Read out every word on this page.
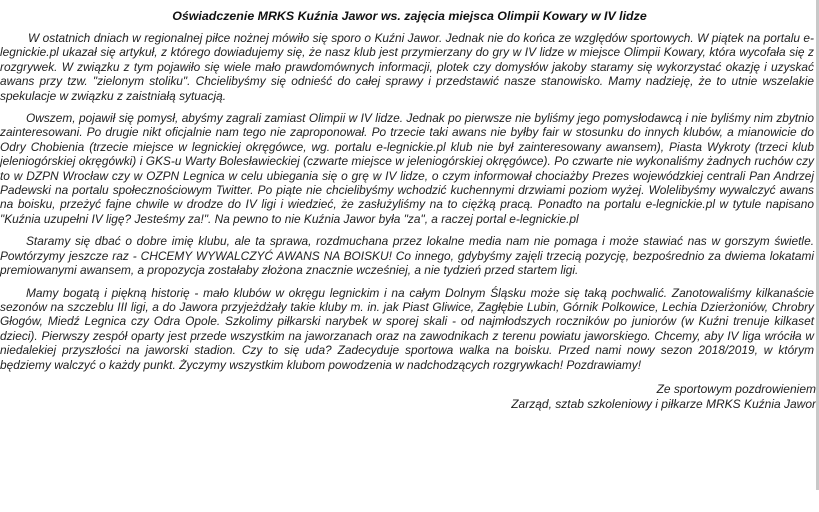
Oświadczenie MRKS Kuźnia Jawor ws. zajęcia miejsca Olimpii Kowary w IV lidze

W ostatnich dniach w regionalnej piłce nożnej mówiło się sporo o Kuźni Jawor. Jednak nie do końca ze względów sportowych. W piątek na portalu e-legnickie.pl ukazał się artykuł, z którego dowiadujemy się, że nasz klub jest przymierzany do gry w IV lidze w miejsce Olimpii Kowary, która wycofała się z rozgrywek. W związku z tym pojawiło się wiele mało prawdomównych informacji, plotek czy domysłów jakoby staramy się wykorzystać okazję i uzyskać awans przy tzw. "zielonym stoliku". Chcielibyśmy się odnieść do całej sprawy i przedstawić nasze stanowisko. Mamy nadzieję, że to utnie wszelakie spekulacje w związku z zaistniałą sytuacją.

Owszem, pojawił się pomysł, abyśmy zagrali zamiast Olimpii w IV lidze. Jednak po pierwsze nie byliśmy jego pomysłodawcą i nie byliśmy nim zbytnio zainteresowani. Po drugie nikt oficjalnie nam tego nie zaproponował. Po trzecie taki awans nie byłby fair w stosunku do innych klubów, a mianowicie do Odry Chobienia (trzecie miejsce w legnickiej okręgówce, wg. portalu e-legnickie.pl klub nie był zainteresowany awansem), Piasta Wykroty (trzeci klub jeleniogórskiej okręgówki) i GKS-u Warty Bolesławieckiej (czwarte miejsce w jeleniogórskiej okręgówce). Po czwarte nie wykonaliśmy żadnych ruchów czy to w DZPN Wrocław czy w OZPN Legnica w celu ubiegania się o grę w IV lidze, o czym informował chociażby Prezes wojewódzkiej centrali Pan Andrzej Padewski na portalu społecznościowym Twitter. Po piąte nie chcielibyśmy wchodzić kuchennymi drzwiami poziom wyżej. Wolelibyśmy wywalczyć awans na boisku, przeżyć fajne chwile w drodze do IV ligi i wiedzieć, że zasłużyliśmy na to ciężką pracą. Ponadto na portalu e-legnickie.pl w tytule napisano "Kuźnia uzupełni IV ligę? Jesteśmy za!". Na pewno to nie Kuźnia Jawor była "za", a raczej portal e-legnickie.pl

Staramy się dbać o dobre imię klubu, ale ta sprawa, rozdmuchana przez lokalne media nam nie pomaga i może stawiać nas w gorszym świetle. Powtórzymy jeszcze raz - CHCEMY WYWALCZYĆ AWANS NA BOISKU! Co innego, gdybyśmy zajęli trzecią pozycję, bezpośrednio za dwiema lokatami premiowanymi awansem, a propozycja zostałaby złożona znacznie wcześniej, a nie tydzień przed startem ligi.

Mamy bogatą i piękną historię - mało klubów w okręgu legnickim i na całym Dolnym Śląsku może się taką pochwalić. Zanotowaliśmy kilkanaście sezonów na szczeblu III ligi, a do Jawora przyjeżdżały takie kluby m. in. jak Piast Gliwice, Zagłębie Lubin, Górnik Polkowice, Lechia Dzierżoniów, Chrobry Głogów, Miedź Legnica czy Odra Opole. Szkolimy piłkarski narybek w sporej skali - od najmłodszych roczników po juniorów (w Kuźni trenuje kilkaset dzieci). Pierwszy zespół oparty jest przede wszystkim na jaworzanach oraz na zawodnikach z terenu powiatu jaworskiego. Chcemy, aby IV liga wróciła w niedalekiej przyszłości na jaworski stadion. Czy to się uda? Zadecyduje sportowa walka na boisku. Przed nami nowy sezon 2018/2019, w którym będziemy walczyć o każdy punkt. Życzymy wszystkim klubom powodzenia w nadchodzących rozgrywkach! Pozdrawiamy!

Ze sportowym pozdrowieniem
Zarząd, sztab szkoleniowy i piłkarze MRKS Kuźnia Jawor
